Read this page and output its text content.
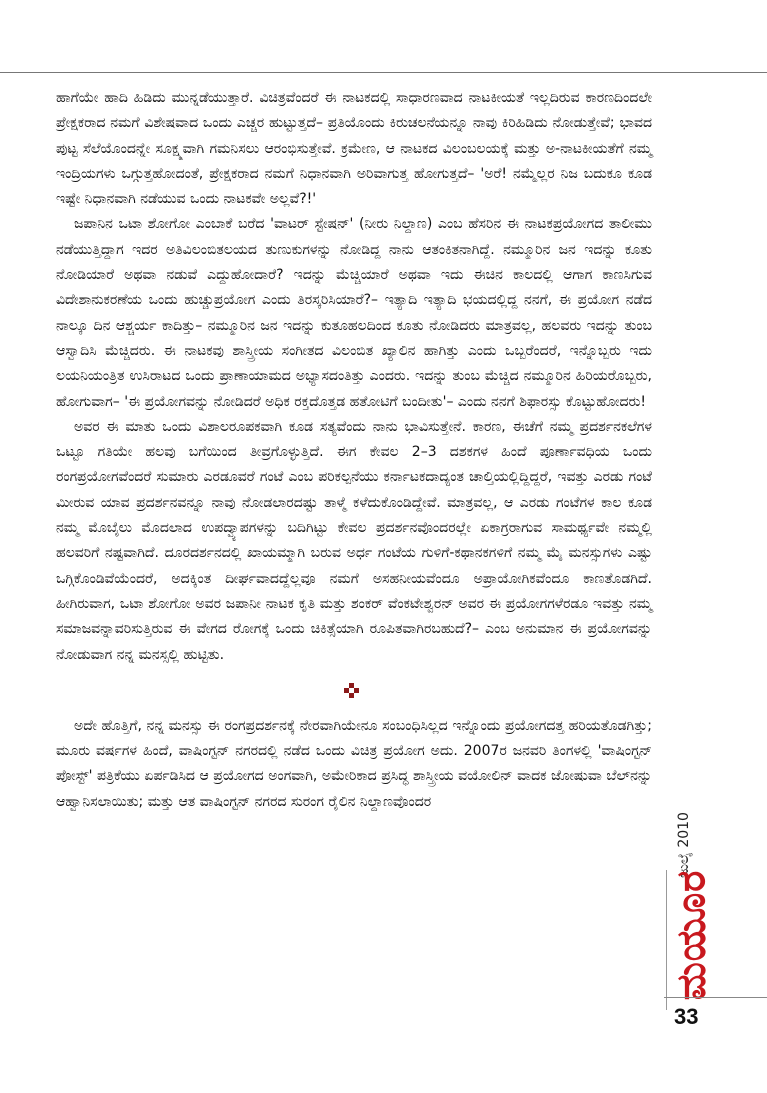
ಹಾಗೆಯೇ ಹಾದಿ ಹಿಡಿದು ಮುನ್ನಡೆಯುತ್ತಾರೆ. ವಿಚಿತ್ರವೆಂದರೆ ಈ ನಾಟಕದಲ್ಲಿ ಸಾಧಾರಣವಾದ ನಾಟಕೀಯತೆ ಇಲ್ಲದಿರುವ ಕಾರಣದಿಂದಲೇ ಪ್ರೇಕ್ಷಕರಾದ ನಮಗೆ ವಿಶೇಷವಾದ ಒಂದು ಎಚ್ಚರ ಹುಟ್ಟುತ್ತದೆ– ಪ್ರತಿಯೊಂದು ಕಿರುಚಲನೆಯನ್ನೂ ನಾವು ಕಿರಿಹಿಡಿದು ನೋಡುತ್ತೇವೆ; ಭಾವದ ಪುಟ್ಟ ಸೆಲೆಯೊಂದನ್ನೇ ಸೂಕ್ಷ್ಮವಾಗಿ ಗಮನಿಸಲು ಆರಂಭಿಸುತ್ತೇವೆ. ಕ್ರಮೇಣ, ಆ ನಾಟಕದ ವಿಲಂಬಲಯಕ್ಕೆ ಮತ್ತು ಅ-ನಾಟಕೀಯತೆಗೆ ನಮ್ಮ ಇಂದ್ರಿಯಗಳು ಒಗ್ಗುತ್ತಹೋದಂತೆ, ಪ್ರೇಕ್ಷಕರಾದ ನಮಗೆ ನಿಧಾನವಾಗಿ ಅರಿವಾಗುತ್ತ ಹೋಗುತ್ತದೆ– 'ಅರೆ! ನಮ್ಮೆಲ್ಲರ ನಿಜ ಬದುಕೂ ಕೂಡ ಇಷ್ಟೇ ನಿಧಾನವಾಗಿ ನಡೆಯುವ ಒಂದು ನಾಟಕವೇ ಅಲ್ಲವೆ?!'

ಜಪಾನಿನ ಒಟಾ ಶೋಗೋ ಎಂಬಾಕೆ ಬರೆದ 'ವಾಟರ್ ಸ್ಟೇಷನ್' (ನೀರು ನಿಲ್ದಾಣ) ಎಂಬ ಹೆಸರಿನ ಈ ನಾಟಕಪ್ರಯೋಗದ ತಾಲೀಮು ನಡೆಯುತ್ತಿದ್ದಾಗ ಇದರ ಅತಿವಿಲಂಬಿತಲಯದ ತುಣುಕುಗಳನ್ನು ನೋಡಿದ್ದ ನಾನು ಆತಂಕಿತನಾಗಿದ್ದೆ. ನಮ್ಮೂರಿನ ಜನ ಇದನ್ನು ಕೂತು ನೋಡಿಯಾರೆ ಅಥವಾ ನಡುವೆ ಎದ್ದುಹೋದಾರೆ? ಇದನ್ನು ಮೆಚ್ಚಿಯಾರೆ ಅಥವಾ ಇದು ಈಚಿನ ಕಾಲದಲ್ಲಿ ಆಗಾಗ ಕಾಣಸಿಗುವ ವಿದೇಶಾನುಕರಣೆಯ ಒಂದು ಹುಚ್ಚುಪ್ರಯೋಗ ಎಂದು ತಿರಸ್ಕರಿಸಿಯಾರೆ?– ಇತ್ಯಾದಿ ಇತ್ಯಾದಿ ಭಯದಲ್ಲಿದ್ದ ನನಗೆ, ಈ ಪ್ರಯೋಗ ನಡೆದ ನಾಲ್ಕೂ ದಿನ ಆಶ್ಚರ್ಯ ಕಾದಿತ್ತು– ನಮ್ಮೂರಿನ ಜನ ಇದನ್ನು ಕುತೂಹಲದಿಂದ ಕೂತು ನೋಡಿದರು ಮಾತ್ರವಲ್ಲ, ಹಲವರು ಇದನ್ನು ತುಂಬ ಆಸ್ವಾದಿಸಿ ಮೆಚ್ಚಿದರು. ಈ ನಾಟಕವು ಶಾಸ್ತ್ರೀಯ ಸಂಗೀತದ ವಿಲಂಬಿತ ಖ್ಯಾಲಿನ ಹಾಗಿತ್ತು ಎಂದು ಒಬ್ಬರೆಂದರೆ, ಇನ್ನೊಬ್ಬರು ಇದು ಲಯನಿಯಂತ್ರಿತ ಉಸಿರಾಟದ ಒಂದು ಪ್ರಾಣಾಯಾಮದ ಅಭ್ಯಾಸದಂತಿತ್ತು ಎಂದರು. ಇದನ್ನು ತುಂಬ ಮೆಚ್ಚಿದ ನಮ್ಮೂರಿನ ಹಿರಿಯರೊಬ್ಬರು, ಹೋಗುವಾಗ– 'ಈ ಪ್ರಯೋಗವನ್ನು ನೋಡಿದರೆ ಅಧಿಕ ರಕ್ತದೊತ್ತಡ ಹತೋಟಿಗೆ ಬಂದೀತು'– ಎಂದು ನನಗೆ ಶಿಫಾರಸ್ಸು ಕೊಟ್ಟುಹೋದರು!

ಅವರ ಈ ಮಾತು ಒಂದು ವಿಶಾಲರೂಪಕವಾಗಿ ಕೂಡ ಸತ್ಯವೆಂದು ನಾನು ಭಾವಿಸುತ್ತೇನೆ. ಕಾರಣ, ಈಚೆಗೆ ನಮ್ಮ ಪ್ರದರ್ಶನಕಲೆಗಳ ಒಟ್ಟೂ ಗತಿಯೇ ಹಲವು ಬಗೆಯಿಂದ ತೀವ್ರಗೊಳ್ಳುತ್ತಿದೆ. ಈಗ ಕೇವಲ 2–3 ದಶಕಗಳ ಹಿಂದೆ ಪೂರ್ಣಾವಧಿಯ ಒಂದು ರಂಗಪ್ರಯೋಗವೆಂದರೆ ಸುಮಾರು ಎರಡೂವರೆ ಗಂಟೆ ಎಂಬ ಪರಿಕಲ್ಪನೆಯು ಕರ್ನಾಟಕದಾದ್ಯಂತ ಚಾಲ್ತಿಯಲ್ಲಿದ್ದಿದ್ದರೆ, ಇವತ್ತು ಎರಡು ಗಂಟೆ ಮೀರುವ ಯಾವ ಪ್ರದರ್ಶನವನ್ನೂ ನಾವು ನೋಡಲಾರದಷ್ಟು ತಾಳ್ಮೆ ಕಳೆದುಕೊಂಡಿದ್ದೇವೆ. ಮಾತ್ರವಲ್ಲ, ಆ ಎರಡು ಗಂಟೆಗಳ ಕಾಲ ಕೂಡ ನಮ್ಮ ಮೊಬೈಲು ಮೊದಲಾದ ಉಪದ್ವ್ಯಾಪಗಳನ್ನು ಬದಿಗಿಟ್ಟು ಕೇವಲ ಪ್ರದರ್ಶನವೊಂದರಲ್ಲೇ ಏಕಾಗ್ರರಾಗುವ ಸಾಮರ್ಥ್ಯವೇ ನಮ್ಮಲ್ಲಿ ಹಲವರಿಗೆ ನಷ್ಟವಾಗಿದೆ. ದೂರದರ್ಶನದಲ್ಲಿ ಖಾಯಮ್ಮಾಗಿ ಬರುವ ಅರ್ಧ ಗಂಟೆಯ ಗುಳಿಗೆ-ಕಥಾನಕಗಳಿಗೆ ನಮ್ಮ ಮೈ ಮನಸ್ಸುಗಳು ಎಷ್ಟು ಒಗ್ಗಿಕೊಂಡಿವೆಯೆಂದರೆ, ಅದಕ್ಕಿಂತ ದೀರ್ಘವಾದದ್ದೆಲ್ಲವೂ ನಮಗೆ ಅಸಹನೀಯವೆಂದೂ ಅಪ್ರಾಯೋಗಿಕವೆಂದೂ ಕಾಣತೊಡಗಿದೆ. ಹೀಗಿರುವಾಗ, ಒಟಾ ಶೋಗೋ ಅವರ ಜಪಾನೀ ನಾಟಕ ಕೃತಿ ಮತ್ತು ಶಂಕರ್ ವೆಂಕಟೇಶ್ವರನ್ ಅವರ ಈ ಪ್ರಯೋಗಗಳೆರಡೂ ಇವತ್ತು ನಮ್ಮ ಸಮಾಜವನ್ನಾವರಿಸುತ್ತಿರುವ ಈ ವೇಗದ ರೋಗಕ್ಕೆ ಒಂದು ಚಿಕಿತ್ಸೆಯಾಗಿ ರೂಪಿತವಾಗಿರಬಹುದೆ?– ಎಂಬ ಅನುಮಾನ ಈ ಪ್ರಯೋಗವನ್ನು ನೋಡುವಾಗ ನನ್ನ ಮನಸ್ಸಲ್ಲಿ ಹುಟ್ಟಿತು.

ಅದೇ ಹೊತ್ತಿಗೆ, ನನ್ನ ಮನಸ್ಸು ಈ ರಂಗಪ್ರದರ್ಶನಕ್ಕೆ ನೇರವಾಗಿಯೇನೂ ಸಂಬಂಧಿಸಿಲ್ಲದ ಇನ್ನೊಂದು ಪ್ರಯೋಗದತ್ತ ಹರಿಯತೊಡಗಿತ್ತು; ಮೂರು ವರ್ಷಗಳ ಹಿಂದೆ, ವಾಷಿಂಗ್ಟನ್ ನಗರದಲ್ಲಿ ನಡೆದ ಒಂದು ವಿಚಿತ್ರ ಪ್ರಯೋಗ ಅದು. 2007ರ ಜನವರಿ ತಿಂಗಳಲ್ಲಿ 'ವಾಷಿಂಗ್ಟನ್ ಪೋಸ್ಟ್' ಪತ್ರಿಕೆಯು ಏರ್ಪಡಿಸಿದ ಆ ಪ್ರಯೋಗದ ಅಂಗವಾಗಿ, ಅಮೇರಿಕಾದ ಪ್ರಸಿದ್ಧ ಶಾಸ್ತ್ರೀಯ ವಯೋಲಿನ್ ವಾದಕ ಜೋಷುವಾ ಬೆಲ್‌ನನ್ನು ಆಹ್ವಾನಿಸಲಾಯಿತು; ಮತ್ತು ಆತ ವಾಷಿಂಗ್ಟನ್ ನಗರದ ಸುರಂಗ ರೈಲಿನ ನಿಲ್ದಾಣವೊಂದರ

ಜುಲೈ 2010
ಮಯೂರ
33
